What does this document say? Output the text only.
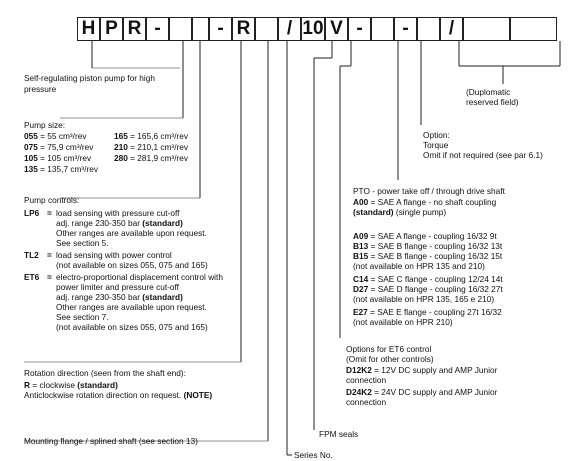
H P R -	- R	/ 10 V -	-	/
Self-regulating piston pump for high
pressure
Pump size:
055 = 55 cm³/rev
075 = 75,9 cm³/rev
105 = 105 cm³/rev
135 = 135,7 cm³/rev
165 = 165,6 cm³/rev
210 = 210,1 cm³/rev
280 = 281,9 cm³/rev
Pump controls:
LP6 = load sensing with pressure cut-off
adj. range 230-350 bar (standard)
Other ranges are available upon request.
See section 5.
TL2 = load sensing with power control
(not available on sizes 055, 075 and 165)
ET6 = electro-proportional displacement control with
power limiter and pressure cut-off
adj. range 230-350 bar (standard)
Other ranges are available upon request.
See section 7.
(not available on sizes 055, 075 and 165)
Rotation direction (seen from the shaft end):
R = clockwise (standard)
Anticlockwise rotation direction on request. (NOTE)
Mounting flange / splined shaft (see section 13)
FPM seals
Series No.
(Duplomatic
reserved field)
Option:
Torque
Omit if not required (see par 6.1)
PTO - power take off / through drive shaft
A00 = SAE A flange - no shaft coupling
(standard) (single pump)
A09 = SAE A flange - coupling 16/32 9t
B13 = SAE B flange - coupling 16/32 13t
B15 = SAE B flange - coupling 16/32 15t
(not available on HPR 135 and 210)
C14 = SAE C flange - coupling 12/24 14t
D27 = SAE D flange - coupling 16/32 27t
(not available on HPR 135, 165 e 210)
E27 = SAE E flange - coupling 27t 16/32
(not available on HPR 210)
Options for ET6 control
(Omit for other controls)
D12K2 = 12V DC supply and AMP Junior
connection
D24K2 = 24V DC supply and AMP Junior
connection
